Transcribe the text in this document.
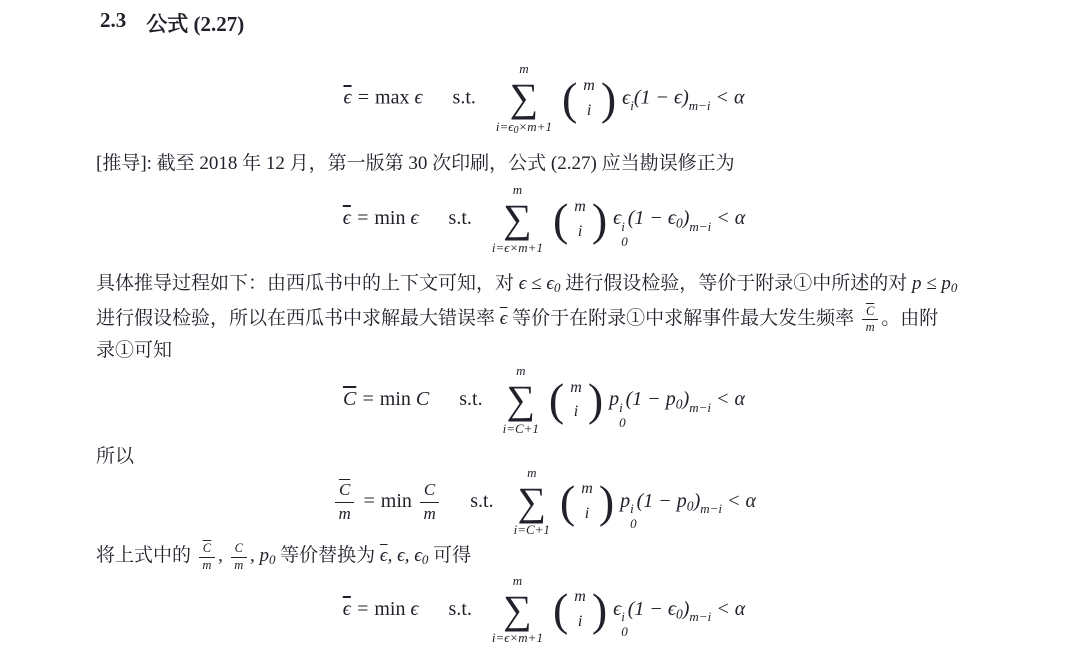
2.3 公式 (2.27)
$\overline{\epsilon} = \max \epsilon$ s.t.
m
∑
i=ϵ0×m+1
( m
i ) ϵ i (1 − ϵ) m−i < α
[推导]: 截至 2018 年 12 月，第一版第 30 次印刷，公式 (2.27) 应当勘误修正为
$\overline{\epsilon} = \min \epsilon$ s.t.
m
∑
i=ϵ×m+1
( m
i ) ϵ i
0
(1 − ϵ0) m−i < α
具体推导过程如下：由西瓜书中的上下文可知，对 ϵ ≤ ϵ0 进行假设检验，等价于附录①中所述的对 p ≤ p0
进行假设检验，所以在西瓜书中求解最大错误率 $\overline{\epsilon}$ 等价于在附录①中求解事件最大发生频率 $\frac{\overline{C}}{m}$ 。由附
录①可知
$\overline{C} = \min C$ s.t.
m
∑
i=C+1
( m
i ) p i
0
(1 − p0) m−i < α
所以
$\frac{\overline{C}}{m} = \min \frac{C}{m} s.t$.
m
∑
i=C+1
( m
i ) p i
0
(1 − p0) m−i < α
将上式中的 $\frac{\overline{C}}{m}$ , $\frac{C}{m}$ , p0 等价替换为 $\overline{\epsilon}$, ϵ, ϵ0 可得
$\overline{\epsilon} = \min \epsilon$ s.t.
m
∑
i=ϵ×m+1
( m
i ) ϵ i
0
(1 − ϵ0) m−i < α
